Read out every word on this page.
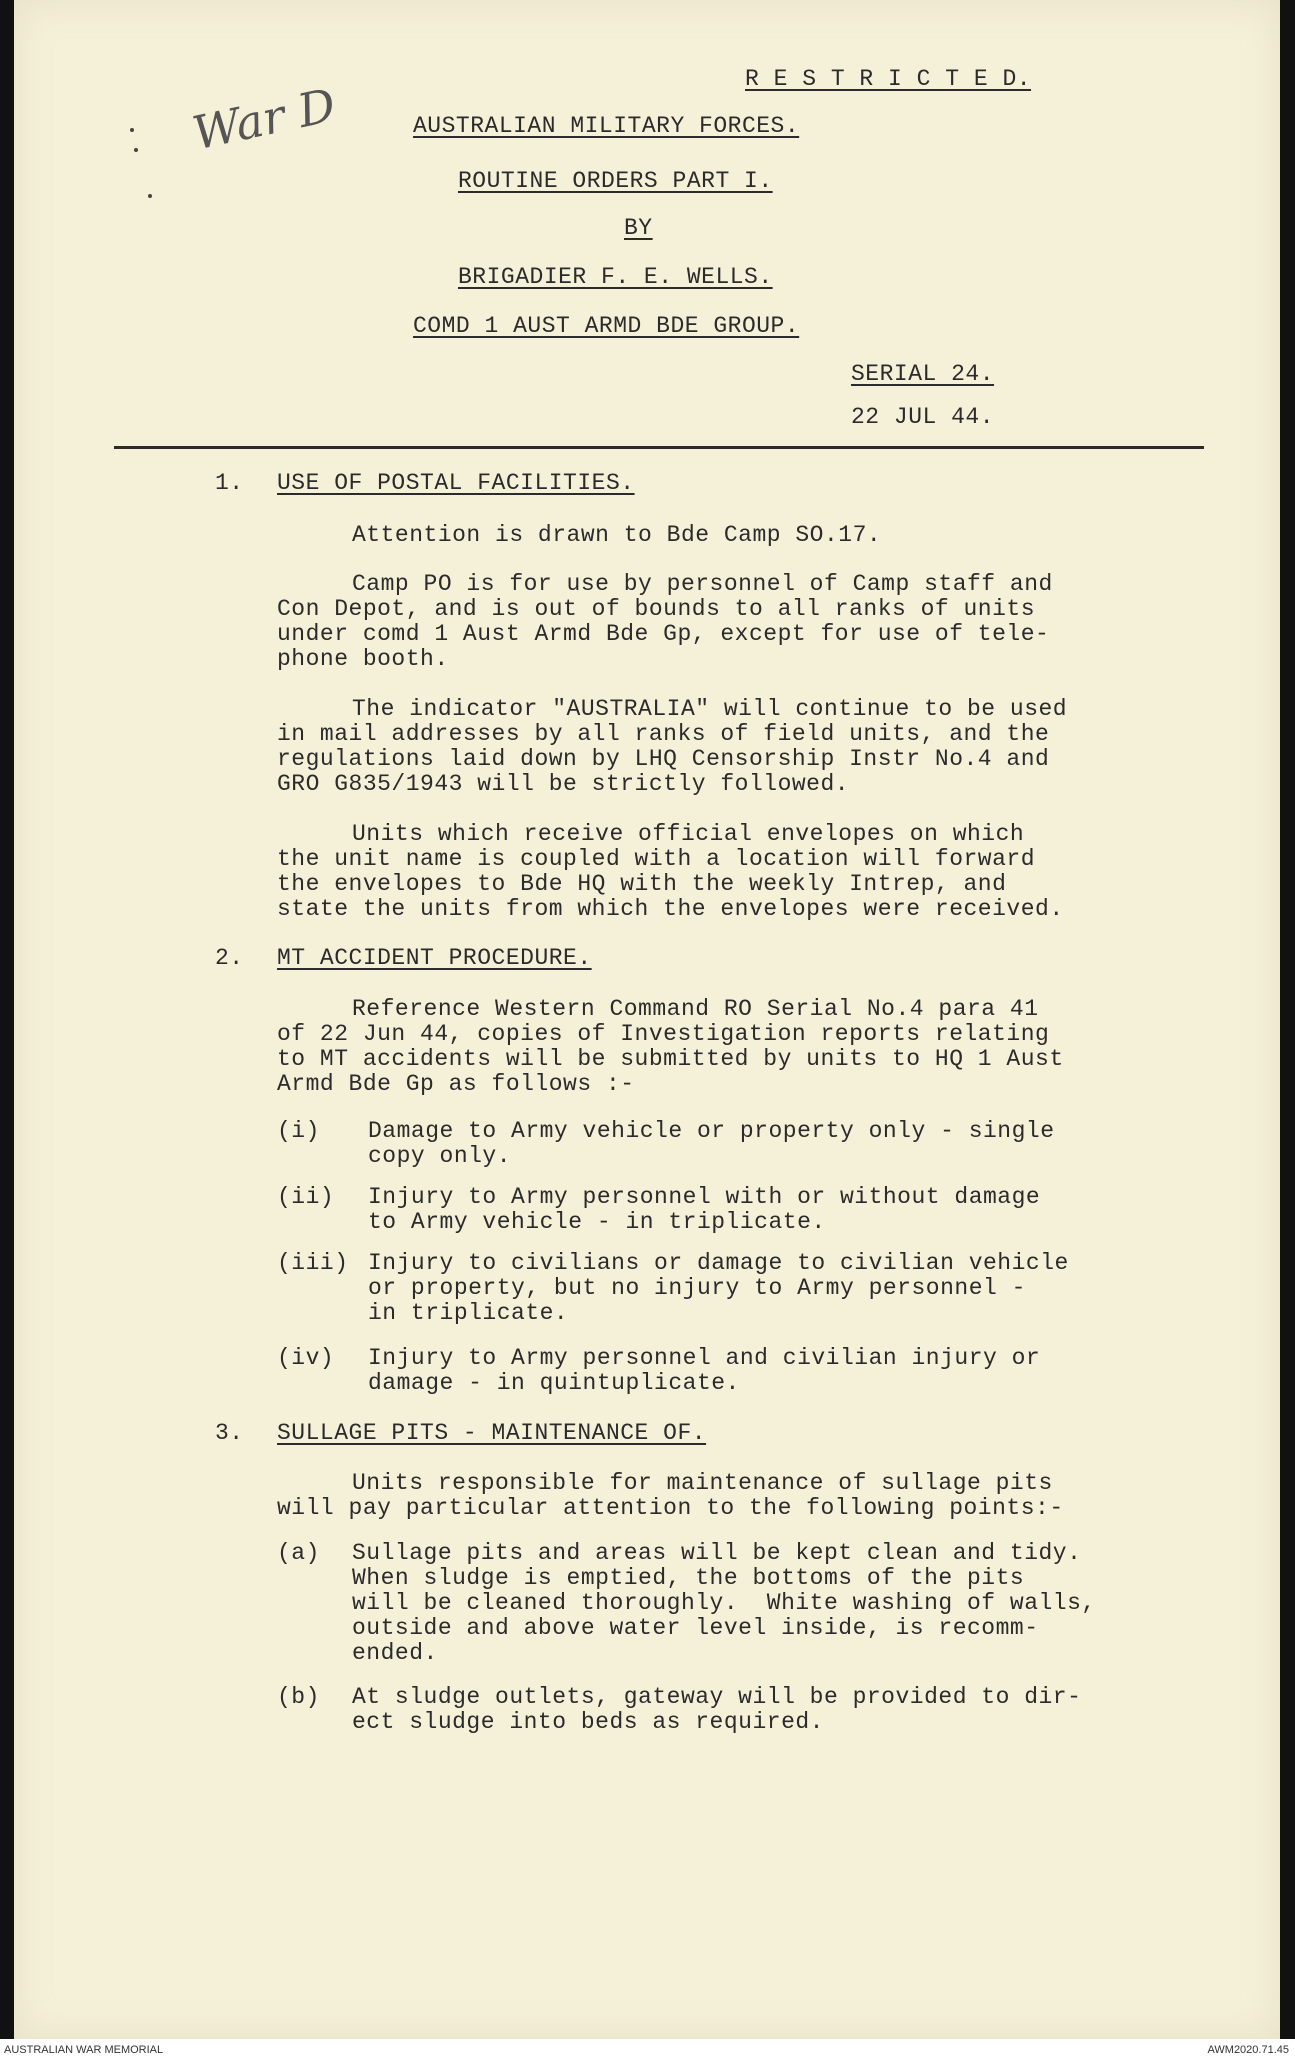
War D	R E S T R I C T E D.
AUSTRALIAN MILITARY FORCES.
ROUTINE ORDERS PART I.
BY
BRIGADIER F. E. WELLS.
COMD 1 AUST ARMD BDE GROUP.
SERIAL 24.
22 JUL 44.
1. USE OF POSTAL FACILITIES.
Attention is drawn to Bde Camp SO.17.
Camp PO is for use by personnel of Camp staff and
Con Depot, and is out of bounds to all ranks of units
under comd 1 Aust Armd Bde Gp, except for use of tele-
phone booth.
The indicator "AUSTRALIA" will continue to be used
in mail addresses by all ranks of field units, and the
regulations laid down by LHQ Censorship Instr No.4 and
GRO G835/1943 will be strictly followed.
Units which receive official envelopes on which
the unit name is coupled with a location will forward
the envelopes to Bde HQ with the weekly Intrep, and
state the units from which the envelopes were received.
2. MT ACCIDENT PROCEDURE.
Reference Western Command RO Serial No.4 para 41
of 22 Jun 44, copies of Investigation reports relating
to MT accidents will be submitted by units to HQ 1 Aust
Armd Bde Gp as follows :-
(i) Damage to Army vehicle or property only - single
copy only.
(ii) Injury to Army personnel with or without damage
to Army vehicle - in triplicate.
(iii) Injury to civilians or damage to civilian vehicle
or property, but no injury to Army personnel -
in triplicate.
(iv) Injury to Army personnel and civilian injury or
damage - in quintuplicate.
3. SULLAGE PITS - MAINTENANCE OF.
Units responsible for maintenance of sullage pits
will pay particular attention to the following points:-
(a) Sullage pits and areas will be kept clean and tidy.
When sludge is emptied, the bottoms of the pits
will be cleaned thoroughly.  White washing of walls,
outside and above water level inside, is recomm-
ended.
(b) At sludge outlets, gateway will be provided to dir-
ect sludge into beds as required.
AUSTRALIAN WAR MEMORIAL	AWM2020.71.45
